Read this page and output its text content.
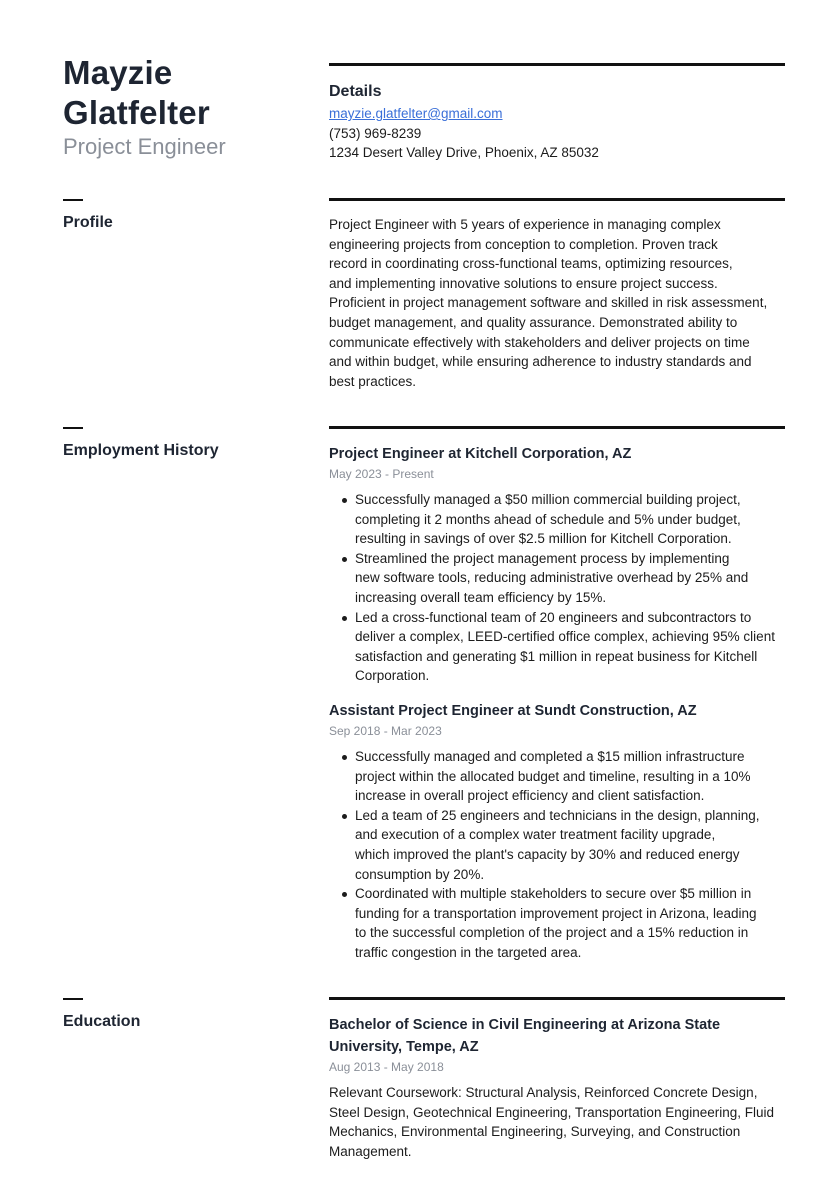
Mayzie
Glatfelter
Project Engineer
Details
mayzie.glatfelter@gmail.com
(753) 969-8239
1234 Desert Valley Drive, Phoenix, AZ 85032
Profile	Project Engineer with 5 years of experience in managing complex
engineering projects from conception to completion. Proven track
record in coordinating cross-functional teams, optimizing resources,
and implementing innovative solutions to ensure project success.
Proficient in project management software and skilled in risk assessment,
budget management, and quality assurance. Demonstrated ability to
communicate effectively with stakeholders and deliver projects on time
and within budget, while ensuring adherence to industry standards and
best practices.
Employment History	Project Engineer at Kitchell Corporation, AZ
May 2023 - Present
Successfully managed a $50 million commercial building project,
completing it 2 months ahead of schedule and 5% under budget,
resulting in savings of over $2.5 million for Kitchell Corporation.
Streamlined the project management process by implementing
new software tools, reducing administrative overhead by 25% and
increasing overall team efficiency by 15%.
Led a cross-functional team of 20 engineers and subcontractors to
deliver a complex, LEED-certified office complex, achieving 95% client
satisfaction and generating $1 million in repeat business for Kitchell
Corporation.
Assistant Project Engineer at Sundt Construction, AZ
Sep 2018 - Mar 2023
Successfully managed and completed a $15 million infrastructure
project within the allocated budget and timeline, resulting in a 10%
increase in overall project efficiency and client satisfaction.
Led a team of 25 engineers and technicians in the design, planning,
and execution of a complex water treatment facility upgrade,
which improved the plant's capacity by 30% and reduced energy
consumption by 20%.
Coordinated with multiple stakeholders to secure over $5 million in
funding for a transportation improvement project in Arizona, leading
to the successful completion of the project and a 15% reduction in
traffic congestion in the targeted area.
Education	Bachelor of Science in Civil Engineering at Arizona State
University, Tempe, AZ
Aug 2013 - May 2018
Relevant Coursework: Structural Analysis, Reinforced Concrete Design,
Steel Design, Geotechnical Engineering, Transportation Engineering, Fluid
Mechanics, Environmental Engineering, Surveying, and Construction
Management.
